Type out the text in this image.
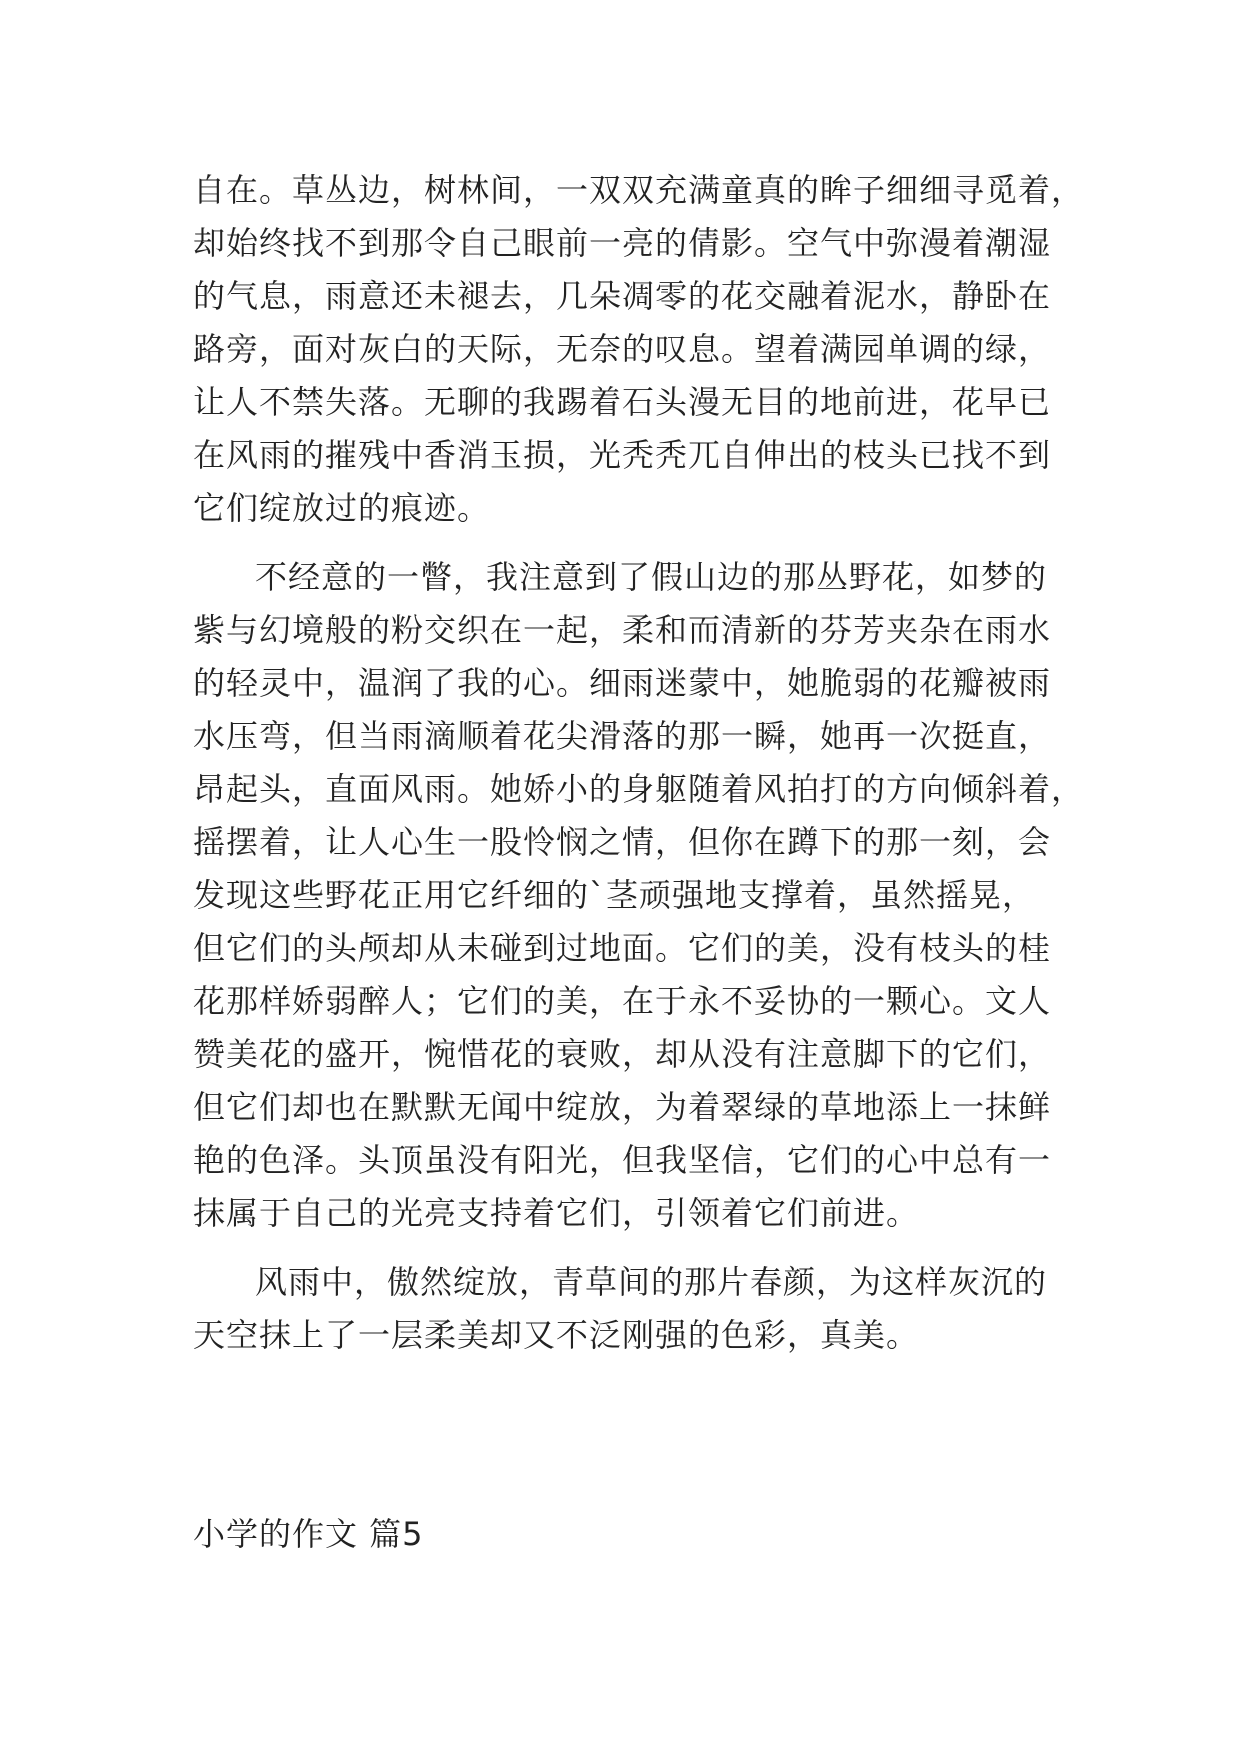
自在。草丛边，树林间，一双双充满童真的眸子细细寻觅着，
却始终找不到那令自己眼前一亮的倩影。空气中弥漫着潮湿
的气息，雨意还未褪去，几朵凋零的花交融着泥水，静卧在
路旁，面对灰白的天际，无奈的叹息。望着满园单调的绿，
让人不禁失落。无聊的我踢着石头漫无目的地前进，花早已
在风雨的摧残中香消玉损，光秃秃兀自伸出的枝头已找不到
它们绽放过的痕迹。
不经意的一瞥，我注意到了假山边的那丛野花，如梦的
紫与幻境般的粉交织在一起，柔和而清新的芬芳夹杂在雨水
的轻灵中，温润了我的心。细雨迷蒙中，她脆弱的花瓣被雨
水压弯，但当雨滴顺着花尖滑落的那一瞬，她再一次挺直，
昂起头，直面风雨。她娇小的身躯随着风拍打的方向倾斜着，
摇摆着，让人心生一股怜悯之情，但你在蹲下的那一刻，会
发现这些野花正用它纤细的`茎顽强地支撑着，虽然摇晃，
但它们的头颅却从未碰到过地面。它们的美，没有枝头的桂
花那样娇弱醉人；它们的美，在于永不妥协的一颗心。文人
赞美花的盛开，惋惜花的衰败，却从没有注意脚下的它们，
但它们却也在默默无闻中绽放，为着翠绿的草地添上一抹鲜
艳的色泽。头顶虽没有阳光，但我坚信，它们的心中总有一
抹属于自己的光亮支持着它们，引领着它们前进。
风雨中，傲然绽放，青草间的那片春颜，为这样灰沉的
天空抹上了一层柔美却又不泛刚强的色彩，真美。
小学的作文 篇5
